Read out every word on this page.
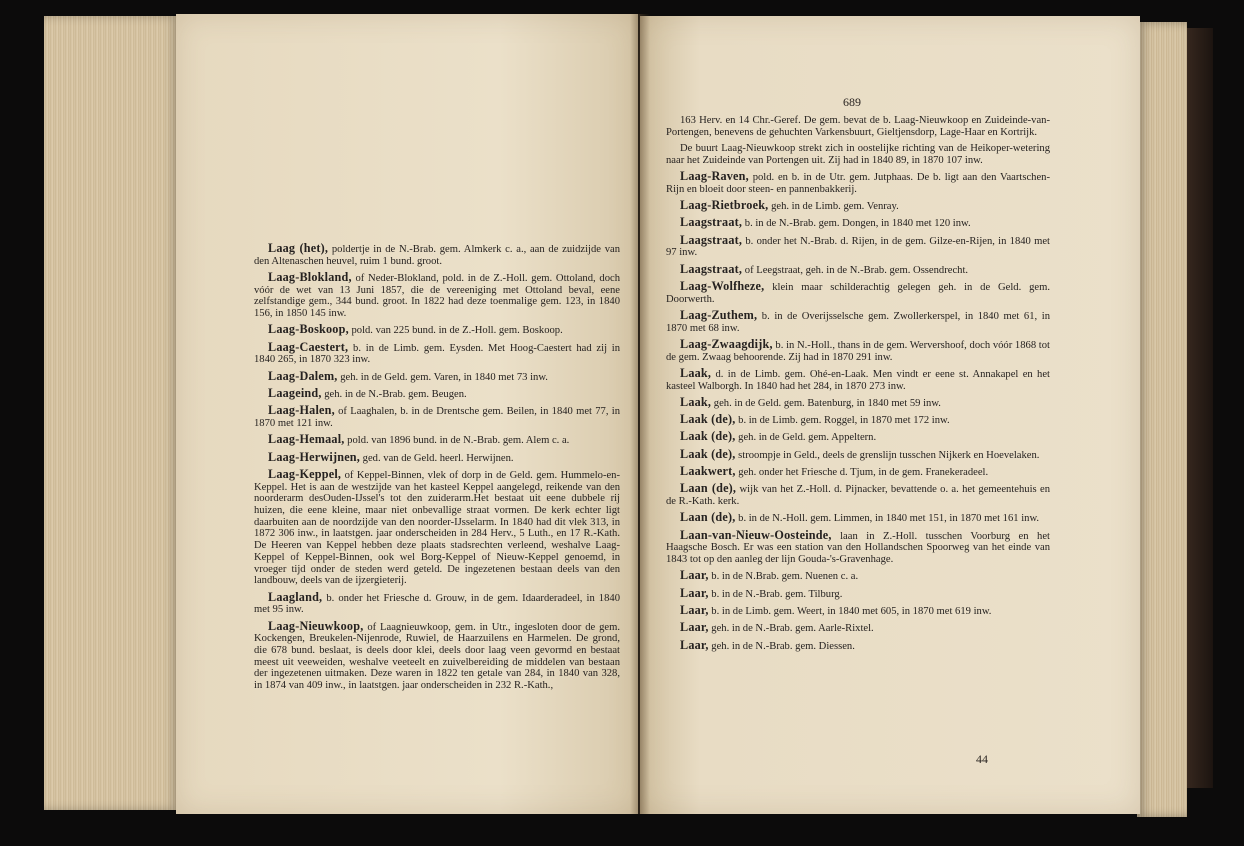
689

Laag (het), poldertje in de N.-Brab. gem. Almkerk c. a., aan de zuidzijde van den Altenaschen heuvel, ruim 1 bund. groot.

Laag-Blokland, of Neder-Blokland, pold. in de Z.-Holl. gem. Ottoland, doch vóór de wet van 13 Juni 1857, die de vereeniging met Ottoland beval, eene zelfstandige gem., 344 bund. groot. In 1822 had deze toenmalige gem. 123, in 1840 156, in 1850 145 inw.

Laag-Boskoop, pold. van 225 bund. in de Z.-Holl. gem. Boskoop.

Laag-Caestert, b. in de Limb. gem. Eysden. Met Hoog-Caestert had zij in 1840 265, in 1870 323 inw.

Laag-Dalem, geh. in de Geld. gem. Varen, in 1840 met 73 inw.

Laageind, geh. in de N.-Brab. gem. Beugen.

Laag-Halen, of Laaghalen, b. in de Drentsche gem. Beilen, in 1840 met 77, in 1870 met 121 inw.

Laag-Hemaal, pold. van 1896 bund. in de N.-Brab. gem. Alem c. a.

Laag-Herwijnen, ged. van de Geld. heerl. Herwijnen.

Laag-Keppel, of Keppel-Binnen, vlek of dorp in de Geld. gem. Hummelo-en-Keppel. Het is aan de westzijde van het kasteel Keppel aangelegd, reikende van den noorderarm desOuden-IJssel's tot den zuiderarm.Het bestaat uit eene dubbele rij huizen, die eene kleine, maar niet onbevallige straat vormen. De kerk echter ligt daarbuiten aan de noordzijde van den noorder-IJsselarm. In 1840 had dit vlek 313, in 1872 306 inw., in laatstgen. jaar onderscheiden in 284 Herv., 5 Luth., en 17 R.-Kath. De Heeren van Keppel hebben deze plaats stadsrechten verleend, weshalve Laag-Keppel of Keppel-Binnen, ook wel Borg-Keppel of Nieuw-Keppel genoemd, in vroeger tijd onder de steden werd geteld. De ingezetenen bestaan deels van den landbouw, deels van de ijzergieterij.

Laagland, b. onder het Friesche d. Grouw, in de gem. Idaarderadeel, in 1840 met 95 inw.

Laag-Nieuwkoop, of Laagnieuwkoop, gem. in Utr., ingesloten door de gem. Kockengen, Breukelen-Nijenrode, Ruwiel, de Haarzuilens en Harmelen. De grond, die 678 bund. beslaat, is deels door klei, deels door laag veen gevormd en bestaat meest uit veeweiden, weshalve veeteelt en zuivelbereiding de middelen van bestaan der ingezetenen uitmaken. Deze waren in 1822 ten getale van 284, in 1840 van 328, in 1874 van 409 inw., in laatstgen. jaar onderscheiden in 232 R.-Kath.,

163 Herv. en 14 Chr.-Geref. De gem. bevat de b. Laag-Nieuwkoop en Zuideinde-van-Portengen, benevens de gehuchten Varkensbuurt, Gieltjensdorp, Lage-Haar en Kortrijk.

De buurt Laag-Nieuwkoop strekt zich in oostelijke richting van de Heikoper-wetering naar het Zuideinde van Portengen uit. Zij had in 1840 89, in 1870 107 inw.

Laag-Raven, pold. en b. in de Utr. gem. Jutphaas. De b. ligt aan den Vaartschen-Rijn en bloeit door steen- en pannenbakkerij.

Laag-Rietbroek, geh. in de Limb. gem. Venray.

Laagstraat, b. in de N.-Brab. gem. Dongen, in 1840 met 120 inw.

Laagstraat, b. onder het N.-Brab. d. Rijen, in de gem. Gilze-en-Rijen, in 1840 met 97 inw.

Laagstraat, of Leegstraat, geh. in de N.-Brab. gem. Ossendrecht.

Laag-Wolfheze, klein maar schilderachtig gelegen geh. in de Geld. gem. Doorwerth.

Laag-Zuthem, b. in de Overijsselsche gem. Zwollerkerspel, in 1840 met 61, in 1870 met 68 inw.

Laag-Zwaagdijk, b. in N.-Holl., thans in de gem. Wervershoof, doch vóór 1868 tot de gem. Zwaag behoorende. Zij had in 1870 291 inw.

Laak, d. in de Limb. gem. Ohé-en-Laak. Men vindt er eene st. Annakapel en het kasteel Walborgh. In 1840 had het 284, in 1870 273 inw.

Laak, geh. in de Geld. gem. Batenburg, in 1840 met 59 inw.

Laak (de), b. in de Limb. gem. Roggel, in 1870 met 172 inw.

Laak (de), geh. in de Geld. gem. Appeltern.

Laak (de), stroompje in Geld., deels de grenslijn tusschen Nijkerk en Hoevelaken.

Laakwert, geh. onder het Friesche d. Tjum, in de gem. Franekeradeel.

Laan (de), wijk van het Z.-Holl. d. Pijnacker, bevattende o. a. het gemeentehuis en de R.-Kath. kerk.

Laan (de), b. in de N.-Holl. gem. Limmen, in 1840 met 151, in 1870 met 161 inw.

Laan-van-Nieuw-Oosteinde, laan in Z.-Holl. tusschen Voorburg en het Haagsche Bosch. Er was een station van den Hollandschen Spoorweg van het einde van 1843 tot op den aanleg der lijn Gouda-'s-Gravenhage.

Laar, b. in de N.Brab. gem. Nuenen c. a.

Laar, b. in de N.-Brab. gem. Tilburg.

Laar, b. in de Limb. gem. Weert, in 1840 met 605, in 1870 met 619 inw.

Laar, geh. in de N.-Brab. gem. Aarle-Rixtel.

Laar, geh. in de N.-Brab. gem. Diessen.

44
